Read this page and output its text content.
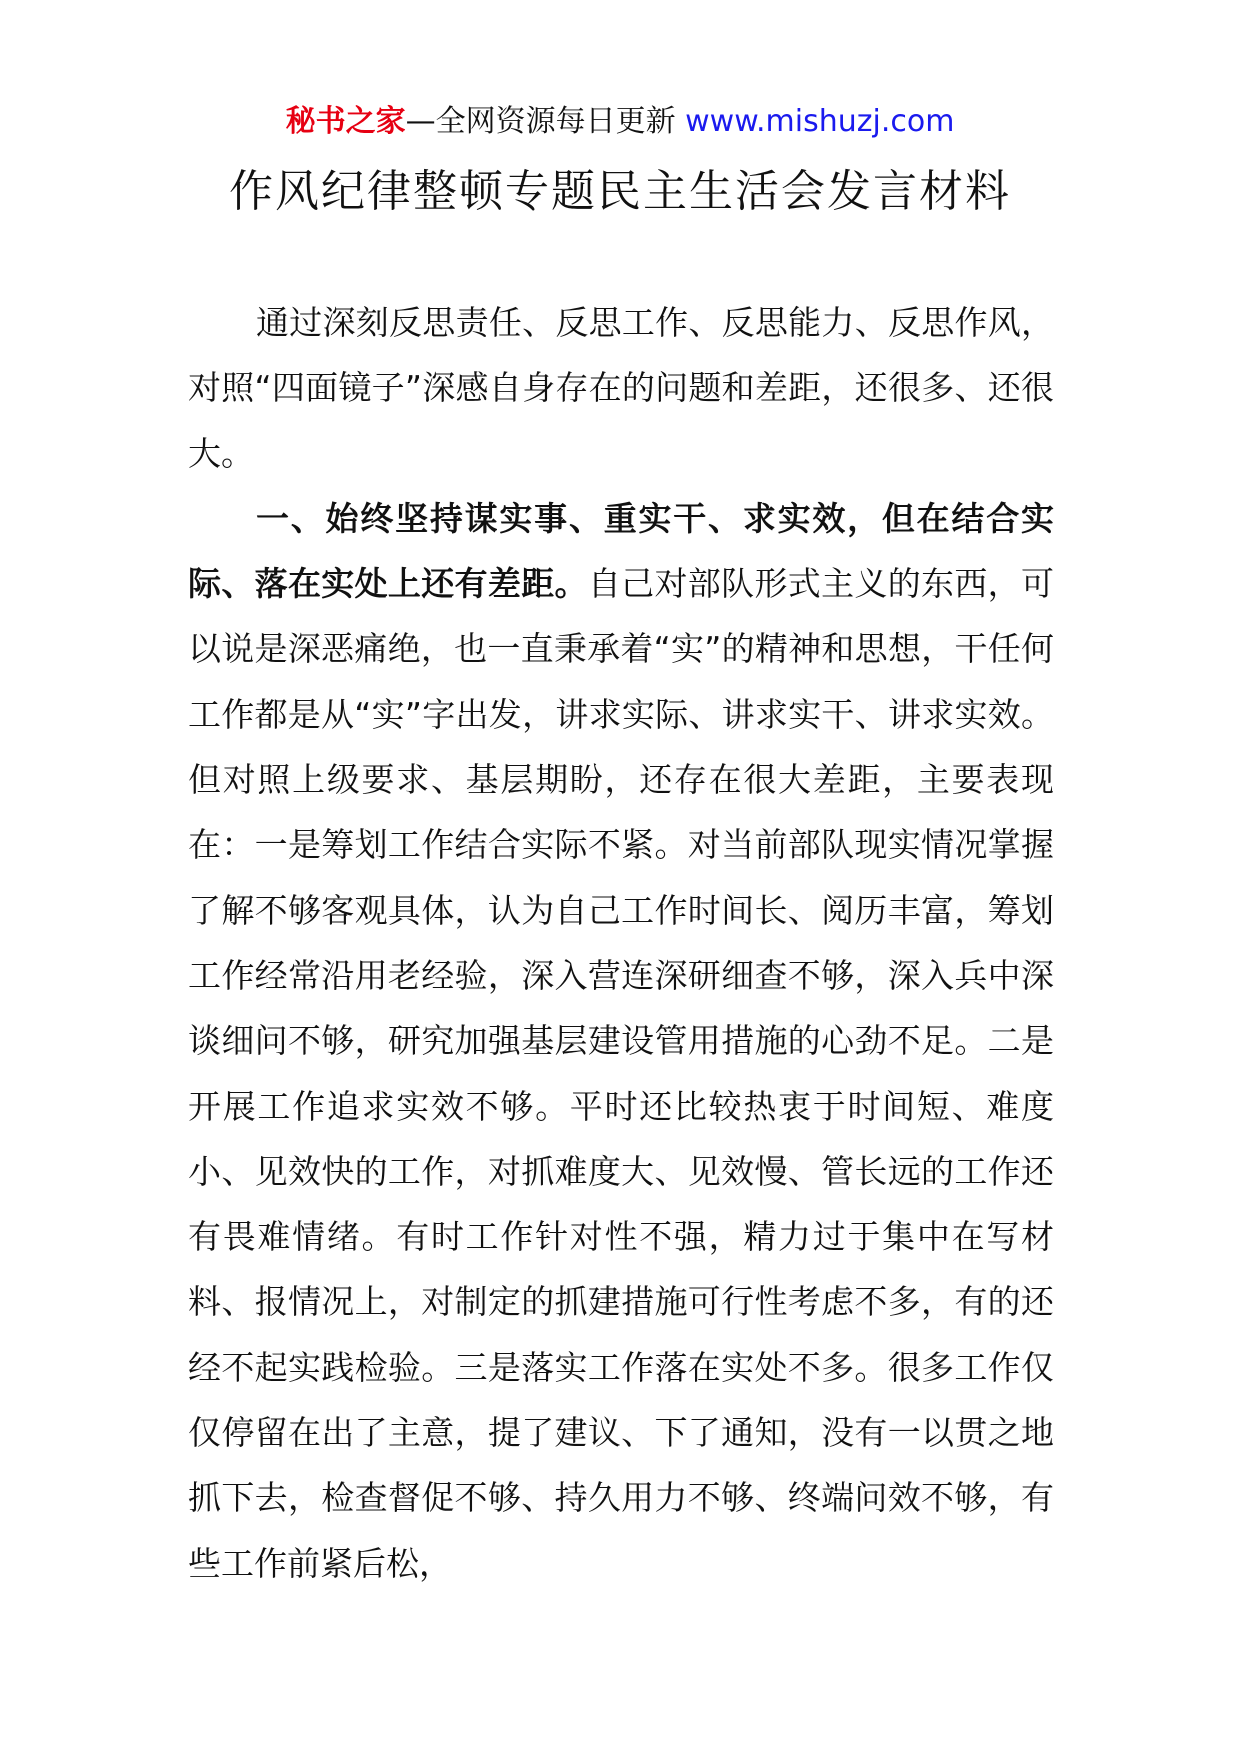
秘书之家—全网资源每日更新 www.mishuzj.com
作风纪律整顿专题民主生活会发言材料

通过深刻反思责任、反思工作、反思能力、反思作风，对照“四面镜子”深感自身存在的问题和差距，还很多、还很大。

一、始终坚持谋实事、重实干、求实效，但在结合实际、落在实处上还有差距。自己对部队形式主义的东西，可以说是深恶痛绝，也一直秉承着“实”的精神和思想，干任何工作都是从“实”字出发，讲求实际、讲求实干、讲求实效。但对照上级要求、基层期盼，还存在很大差距，主要表现在：一是筹划工作结合实际不紧。对当前部队现实情况掌握了解不够客观具体，认为自己工作时间长、阅历丰富，筹划工作经常沿用老经验，深入营连深研细查不够，深入兵中深谈细问不够，研究加强基层建设管用措施的心劲不足。二是开展工作追求实效不够。平时还比较热衷于时间短、难度小、见效快的工作，对抓难度大、见效慢、管长远的工作还有畏难情绪。有时工作针对性不强，精力过于集中在写材料、报情况上，对制定的抓建措施可行性考虑不多，有的还经不起实践检验。三是落实工作落在实处不多。很多工作仅仅停留在出了主意，提了建议、下了通知，没有一以贯之地抓下去，检查督促不够、持久用力不够、终端问效不够，有些工作前紧后松，
